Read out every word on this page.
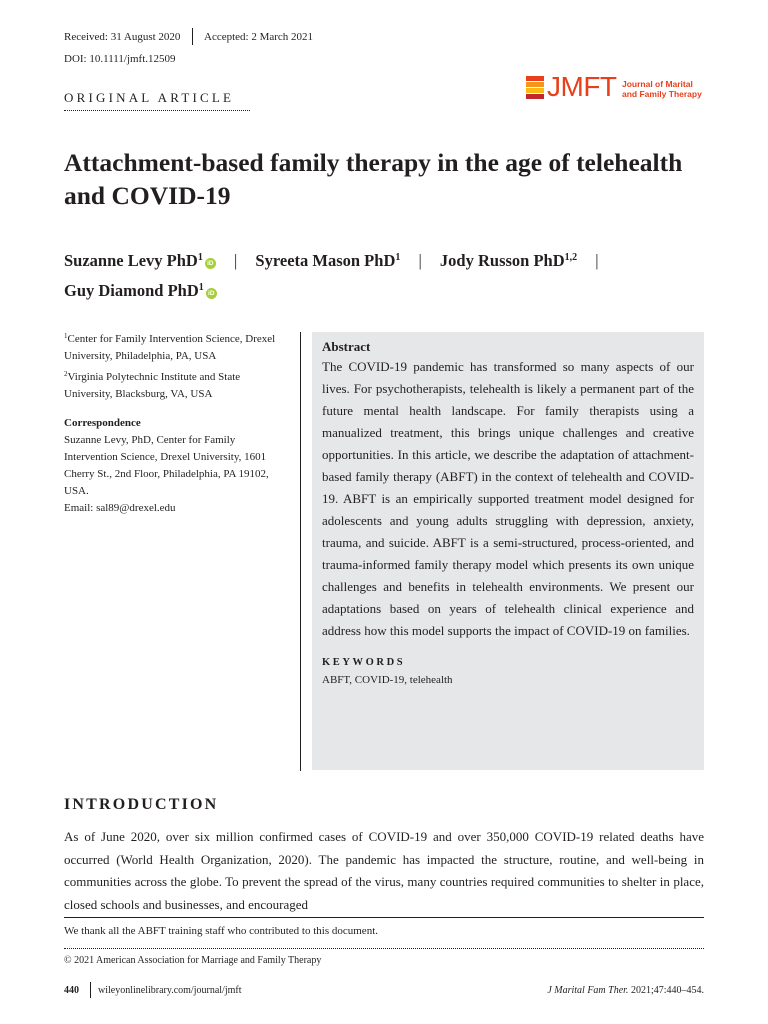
Received: 31 August 2020 Accepted: 2 March 2021
DOI: 10.1111/jmft.12509
ORIGINAL ARTICLE	JMFT Journal of Marital
and Family Therapy
Attachment-based family therapy in the age of telehealth and COVID-19
Suzanne Levy PhD$^1$iD | Syreeta Mason PhD$^1$ | Jody Russon PhD$^{1,2}$ |
Guy Diamond PhD$^1$iD
$^1$Center for Family Intervention Science, Drexel University, Philadelphia, PA, USA
$^2$Virginia Polytechnic Institute and State University, Blacksburg, VA, USA
Correspondence
Suzanne Levy, PhD, Center for Family Intervention Science, Drexel University, 1601 Cherry St., 2nd Floor, Philadelphia, PA 19102, USA.
Email: sal89@drexel.edu
Abstract
The COVID-19 pandemic has transformed so many aspects of our lives. For psychotherapists, telehealth is likely a permanent part of the future mental health landscape. For family therapists using a manualized treatment, this brings unique challenges and creative opportunities. In this article, we describe the adaptation of attachment-based family therapy (ABFT) in the context of telehealth and COVID-19. ABFT is an empirically supported treatment model designed for adolescents and young adults struggling with depression, anxiety, trauma, and suicide. ABFT is a semi-structured, process-oriented, and trauma-informed family therapy model which presents its own unique challenges and benefits in telehealth environments. We present our adaptations based on years of telehealth clinical experience and address how this model supports the impact of COVID-19 on families.
KEYWORDS
ABFT, COVID-19, telehealth
INTRODUCTION
As of June 2020, over six million confirmed cases of COVID-19 and over 350,000 COVID-19 related deaths have occurred (World Health Organization, 2020). The pandemic has impacted the structure, routine, and well-being in communities across the globe. To prevent the spread of the virus, many countries required communities to shelter in place, closed schools and businesses, and encouraged
We thank all the ABFT training staff who contributed to this document.
© 2021 American Association for Marriage and Family Therapy
440 wileyonlinelibrary.com/journal/jmft	J Marital Fam Ther. 2021;47:440–454.
